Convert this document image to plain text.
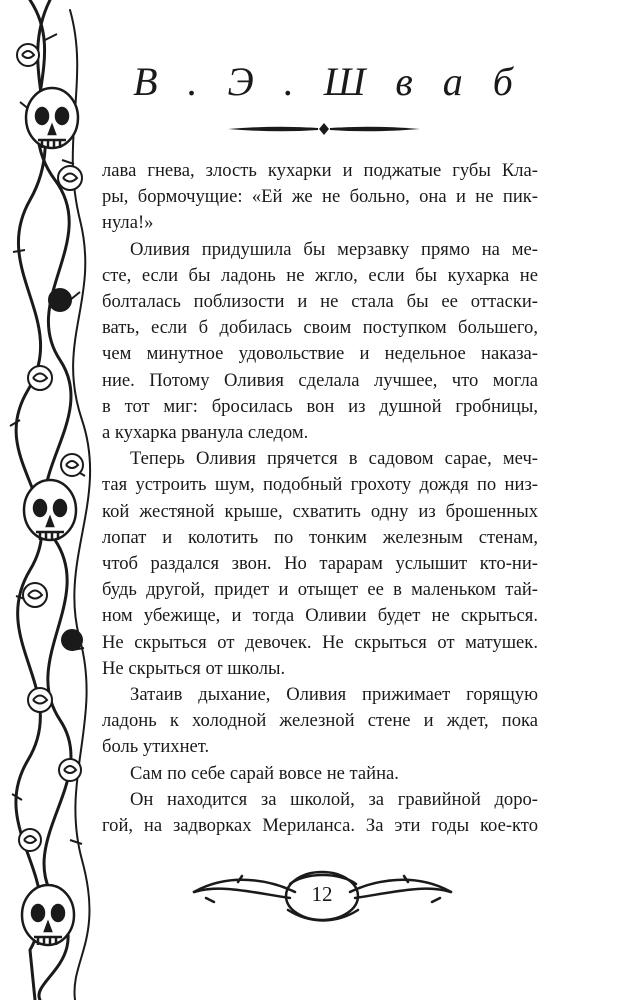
В . Э . Ш в а б
лава гнева, злость кухарки и поджатые губы Кла-
ры, бормочущие: «Ей же не больно, она и не пик-
нула!»
Оливия придушила бы мерзавку прямо на ме-
сте, если бы ладонь не жгло, если бы кухарка не
болталась поблизости и не стала бы ее оттаски-
вать, если б добилась своим поступком большего,
чем минутное удовольствие и недельное наказа-
ние. Потому Оливия сделала лучшее, что могла
в тот миг: бросилась вон из душной гробницы,
а кухарка рванула следом.
Теперь Оливия прячется в садовом сарае, меч-
тая устроить шум, подобный грохоту дождя по низ-
кой жестяной крыше, схватить одну из брошенных
лопат и колотить по тонким железным стенам,
чтоб раздался звон. Но тарарам услышит кто-ни-
будь другой, придет и отыщет ее в маленьком тай-
ном убежище, и тогда Оливии будет не скрыться.
Не скрыться от девочек. Не скрыться от матушек.
Не скрыться от школы.
Затаив дыхание, Оливия прижимает горящую
ладонь к холодной железной стене и ждет, пока
боль утихнет.
Сам по себе сарай вовсе не тайна.
Он находится за школой, за гравийной доро-
гой, на задворках Мериланса. За эти годы кое-кто
12
